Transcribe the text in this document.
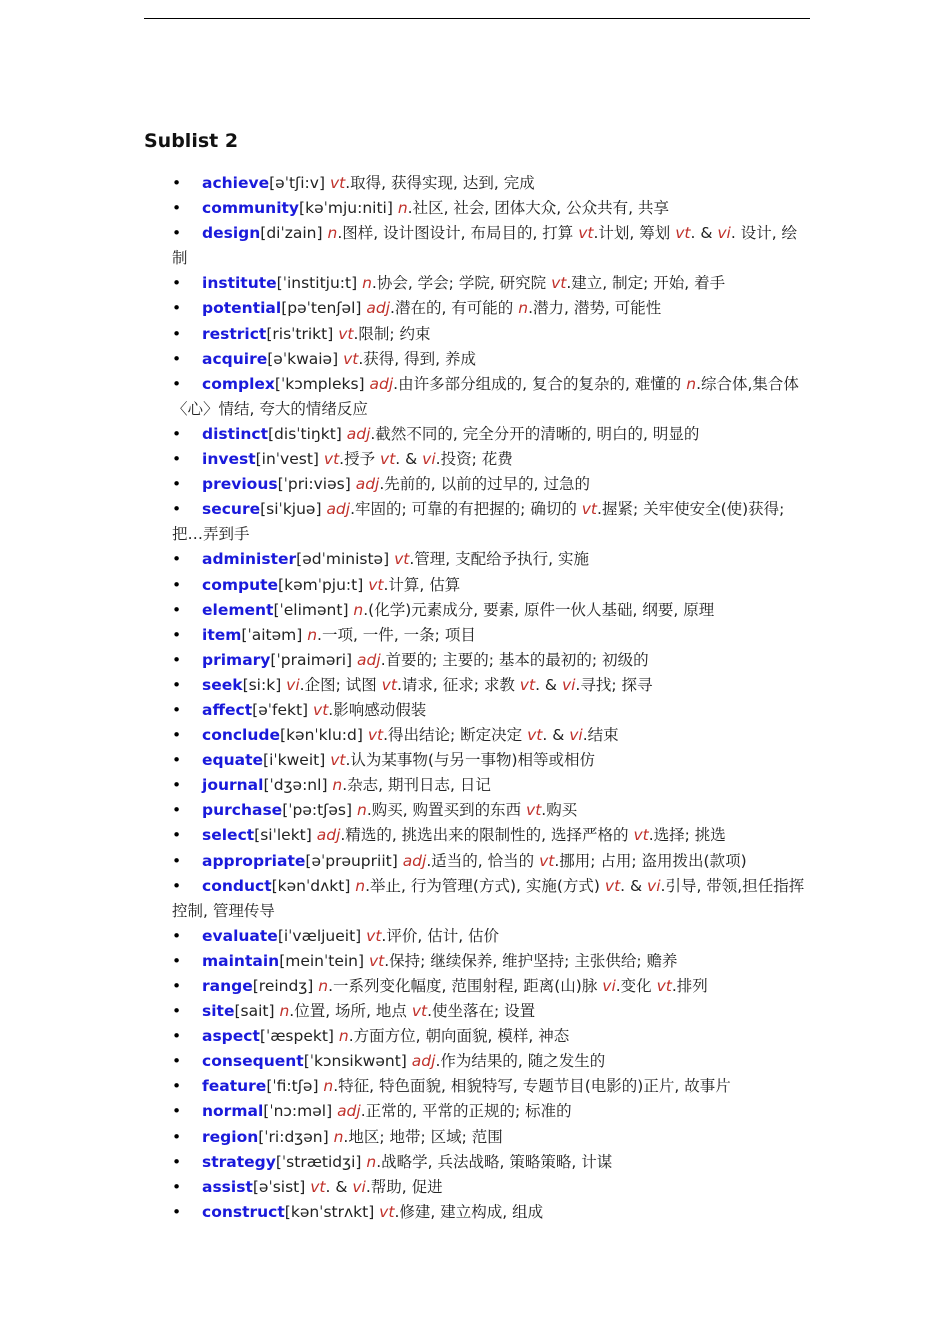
Sublist 2
• achieve[əˈtʃi:v] vt.取得, 获得实现, 达到, 完成
• community[kəˈmju:niti] n.社区, 社会, 团体大众, 公众共有, 共享
• design[diˈzain] n.图样, 设计图设计, 布局目的, 打算 vt.计划, 筹划 vt. & vi. 设计, 绘制
• institute[ˈinstitju:t] n.协会, 学会; 学院, 研究院 vt.建立, 制定; 开始, 着手
• potential[pəˈtenʃəl] adj.潜在的, 有可能的 n.潜力, 潜势, 可能性
• restrict[risˈtrikt] vt.限制; 约束
• acquire[əˈkwaiə] vt.获得, 得到, 养成
• complex[ˈkɔmpleks] adj.由许多部分组成的, 复合的复杂的, 难懂的 n.综合体,集合体〈心〉情结, 夸大的情绪反应
• distinct[disˈtiŋkt] adj.截然不同的, 完全分开的清晰的, 明白的, 明显的
• invest[inˈvest] vt.授予 vt. & vi.投资; 花费
• previous[ˈpri:viəs] adj.先前的, 以前的过早的, 过急的
• secure[siˈkjuə] adj.牢固的; 可靠的有把握的; 确切的 vt.握紧; 关牢使安全(使)获得; 把…弄到手
• administer[ədˈministə] vt.管理, 支配给予执行, 实施
• compute[kəmˈpju:t] vt.计算, 估算
• element[ˈelimənt] n.(化学)元素成分, 要素, 原件一伙人基础, 纲要, 原理
• item[ˈaitəm] n.一项, 一件, 一条; 项目
• primary[ˈpraiməri] adj.首要的; 主要的; 基本的最初的; 初级的
• seek[si:k] vi.企图; 试图 vt.请求, 征求; 求教 vt. & vi.寻找; 探寻
• affect[əˈfekt] vt.影响感动假装
• conclude[kənˈklu:d] vt.得出结论; 断定决定 vt. & vi.结束
• equate[iˈkweit] vt.认为某事物(与另一事物)相等或相仿
• journal[ˈdʒə:nl] n.杂志, 期刊日志, 日记
• purchase[ˈpə:tʃəs] n.购买, 购置买到的东西 vt.购买
• select[siˈlekt] adj.精选的, 挑选出来的限制性的, 选择严格的 vt.选择; 挑选
• appropriate[əˈprəupriit] adj.适当的, 恰当的 vt.挪用; 占用; 盗用拨出(款项)
• conduct[kənˈdʌkt] n.举止, 行为管理(方式), 实施(方式) vt. & vi.引导, 带领,担任指挥控制, 管理传导
• evaluate[iˈvæljueit] vt.评价, 估计, 估价
• maintain[meinˈtein] vt.保持; 继续保养, 维护坚持; 主张供给; 赡养
• range[reindʒ] n.一系列变化幅度, 范围射程, 距离(山)脉 vi.变化 vt.排列
• site[sait] n.位置, 场所, 地点 vt.使坐落在; 设置
• aspect[ˈæspekt] n.方面方位, 朝向面貌, 模样, 神态
• consequent[ˈkɔnsikwənt] adj.作为结果的, 随之发生的
• feature[ˈfi:tʃə] n.特征, 特色面貌, 相貌特写, 专题节目(电影的)正片, 故事片
• normal[ˈnɔ:məl] adj.正常的, 平常的正规的; 标准的
• region[ˈri:dʒən] n.地区; 地带; 区域; 范围
• strategy[ˈstrætidʒi] n.战略学, 兵法战略, 策略策略, 计谋
• assist[əˈsist] vt. & vi.帮助, 促进
• construct[kənˈstrʌkt] vt.修建, 建立构成, 组成
